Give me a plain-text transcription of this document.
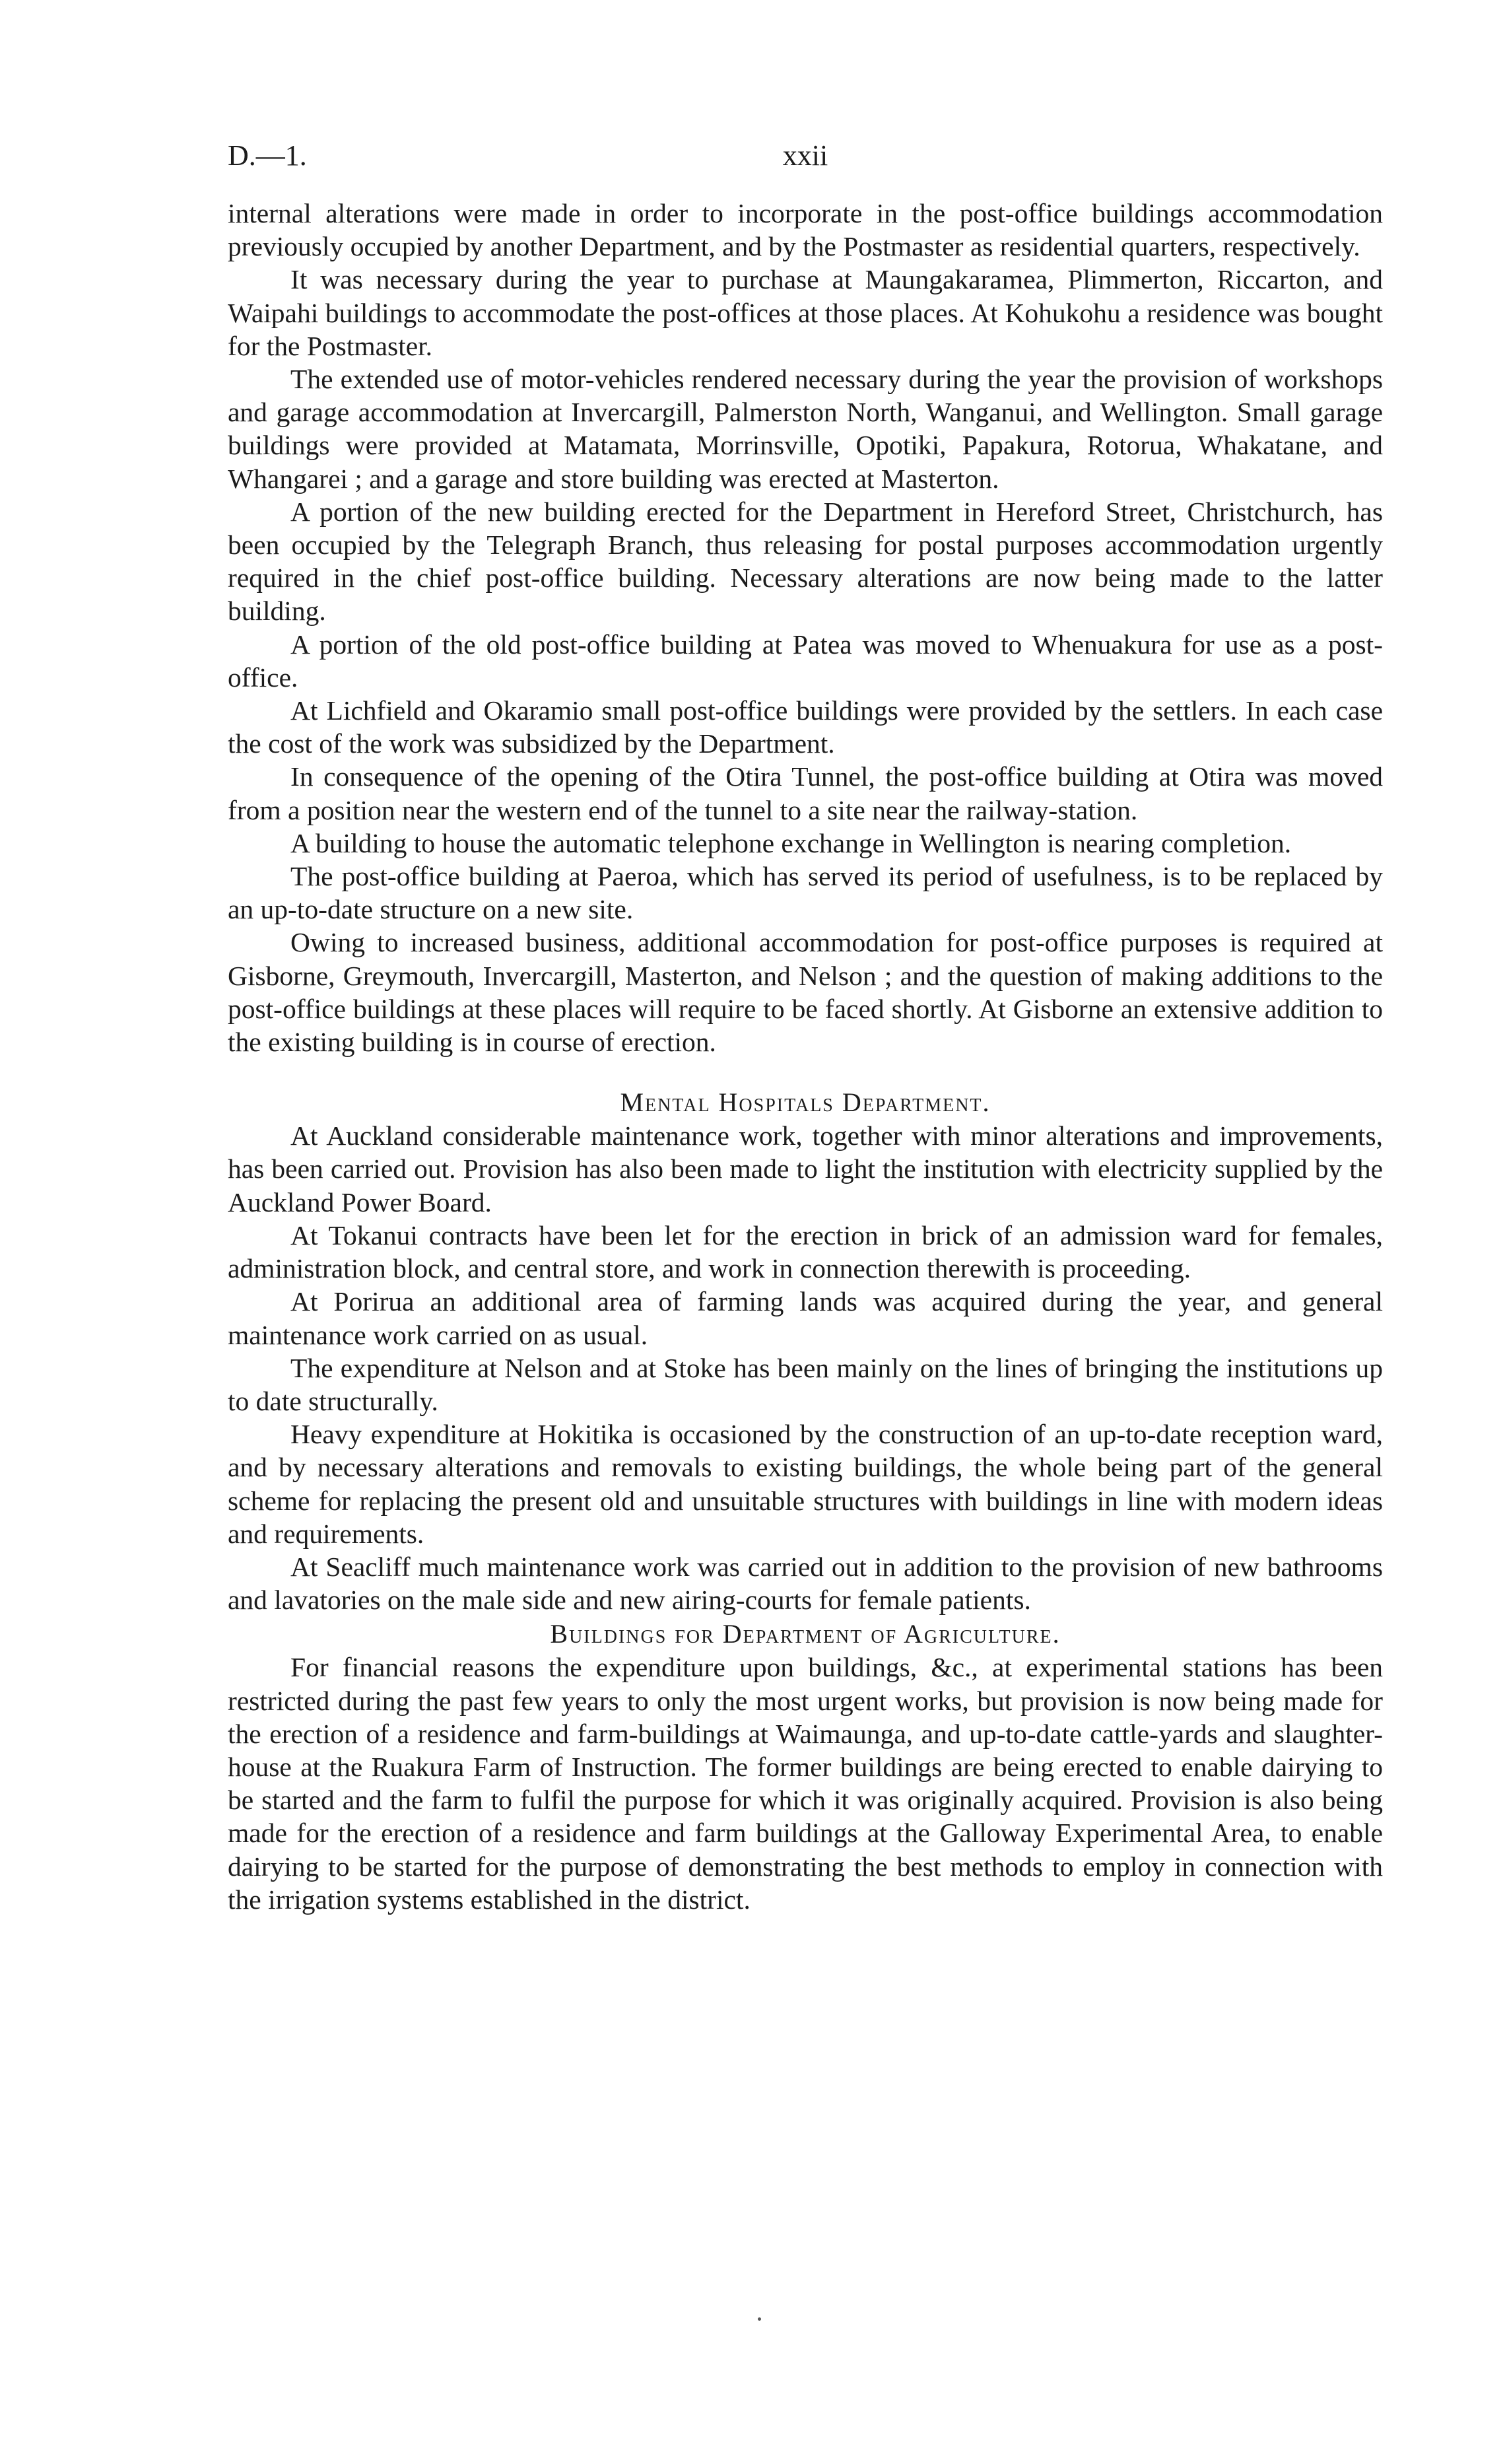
D.—1.	xxii

internal alterations were made in order to incorporate in the post-office buildings accommodation previously occupied by another Department, and by the Postmaster as residential quarters, respectively.

It was necessary during the year to purchase at Maungakaramea, Plimmerton, Riccarton, and Waipahi buildings to accommodate the post-offices at those places. At Kohukohu a residence was bought for the Postmaster.

The extended use of motor-vehicles rendered necessary during the year the provision of workshops and garage accommodation at Invercargill, Palmerston North, Wanganui, and Wellington. Small garage buildings were provided at Matamata, Morrinsville, Opotiki, Papakura, Rotorua, Whakatane, and Whangarei ; and a garage and store building was erected at Masterton.

A portion of the new building erected for the Department in Hereford Street, Christchurch, has been occupied by the Telegraph Branch, thus releasing for postal purposes accommodation urgently required in the chief post-office building. Necessary alterations are now being made to the latter building.

A portion of the old post-office building at Patea was moved to Whenuakura for use as a post-office.

At Lichfield and Okaramio small post-office buildings were provided by the settlers. In each case the cost of the work was subsidized by the Department.

In consequence of the opening of the Otira Tunnel, the post-office building at Otira was moved from a position near the western end of the tunnel to a site near the railway-station.

A building to house the automatic telephone exchange in Wellington is nearing completion.

The post-office building at Paeroa, which has served its period of usefulness, is to be replaced by an up-to-date structure on a new site.

Owing to increased business, additional accommodation for post-office purposes is required at Gisborne, Greymouth, Invercargill, Masterton, and Nelson ; and the question of making additions to the post-office buildings at these places will require to be faced shortly. At Gisborne an extensive addition to the existing building is in course of erection.

Mental Hospitals Department.

At Auckland considerable maintenance work, together with minor alterations and improvements, has been carried out. Provision has also been made to light the institution with electricity supplied by the Auckland Power Board.

At Tokanui contracts have been let for the erection in brick of an admission ward for females, administration block, and central store, and work in connection therewith is proceeding.

At Porirua an additional area of farming lands was acquired during the year, and general maintenance work carried on as usual.

The expenditure at Nelson and at Stoke has been mainly on the lines of bringing the institutions up to date structurally.

Heavy expenditure at Hokitika is occasioned by the construction of an up-to-date reception ward, and by necessary alterations and removals to existing buildings, the whole being part of the general scheme for replacing the present old and unsuitable structures with buildings in line with modern ideas and requirements.

At Seacliff much maintenance work was carried out in addition to the provision of new bathrooms and lavatories on the male side and new airing-courts for female patients.

Buildings for Department of Agriculture.

For financial reasons the expenditure upon buildings, &c., at experimental stations has been restricted during the past few years to only the most urgent works, but provision is now being made for the erection of a residence and farm-buildings at Waimaunga, and up-to-date cattle-yards and slaughter-house at the Ruakura Farm of Instruction. The former buildings are being erected to enable dairying to be started and the farm to fulfil the purpose for which it was originally acquired. Provision is also being made for the erection of a residence and farm buildings at the Galloway Experimental Area, to enable dairying to be started for the purpose of demonstrating the best methods to employ in connection with the irrigation systems established in the district.
